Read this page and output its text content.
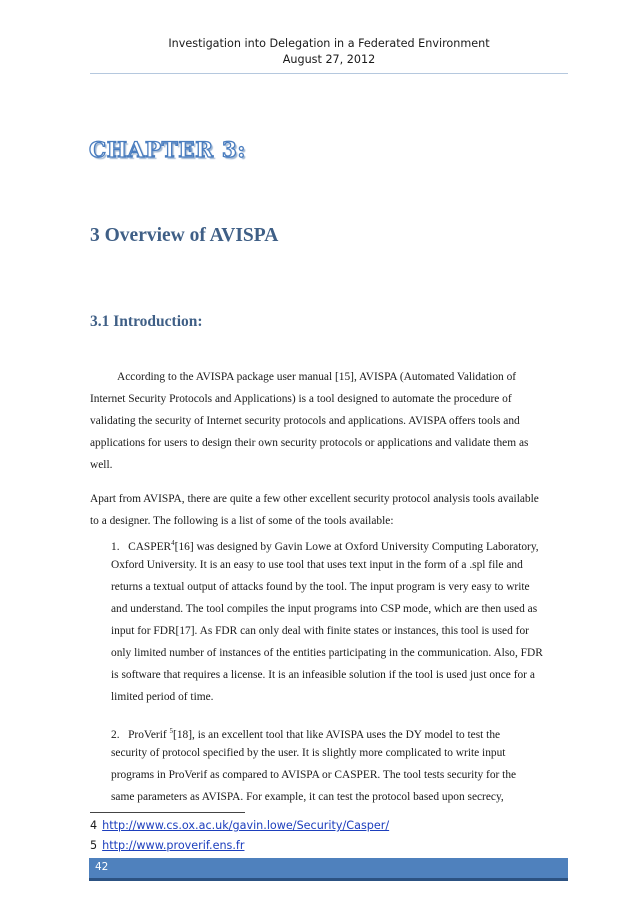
Investigation into Delegation in a Federated Environment
August 27, 2012
CHAPTER 3:
3 Overview of AVISPA
3.1 Introduction:
According to the AVISPA package user manual [15], AVISPA (Automated Validation of
Internet Security Protocols and Applications) is a tool designed to automate the procedure of
validating the security of Internet security protocols and applications. AVISPA offers tools and
applications for users to design their own security protocols or applications and validate them as
well.
Apart from AVISPA, there are quite a few other excellent security protocol analysis tools available
to a designer. The following is a list of some of the tools available:
1. CASPER$^4$[16] was designed by Gavin Lowe at Oxford University Computing Laboratory,
Oxford University. It is an easy to use tool that uses text input in the form of a .spl file and
returns a textual output of attacks found by the tool. The input program is very easy to write
and understand. The tool compiles the input programs into CSP mode, which are then used as
input for FDR[17]. As FDR can only deal with finite states or instances, this tool is used for
only limited number of instances of the entities participating in the communication. Also, FDR
is software that requires a license. It is an infeasible solution if the tool is used just once for a
limited period of time.
2. ProVerif $^5$[18], is an excellent tool that like AVISPA uses the DY model to test the
security of protocol specified by the user. It is slightly more complicated to write input
programs in ProVerif as compared to AVISPA or CASPER. The tool tests security for the
same parameters as AVISPA. For example, it can test the protocol based upon secrecy,
4 http://www.cs.ox.ac.uk/gavin.lowe/Security/Casper/
5 http://www.proverif.ens.fr
42
